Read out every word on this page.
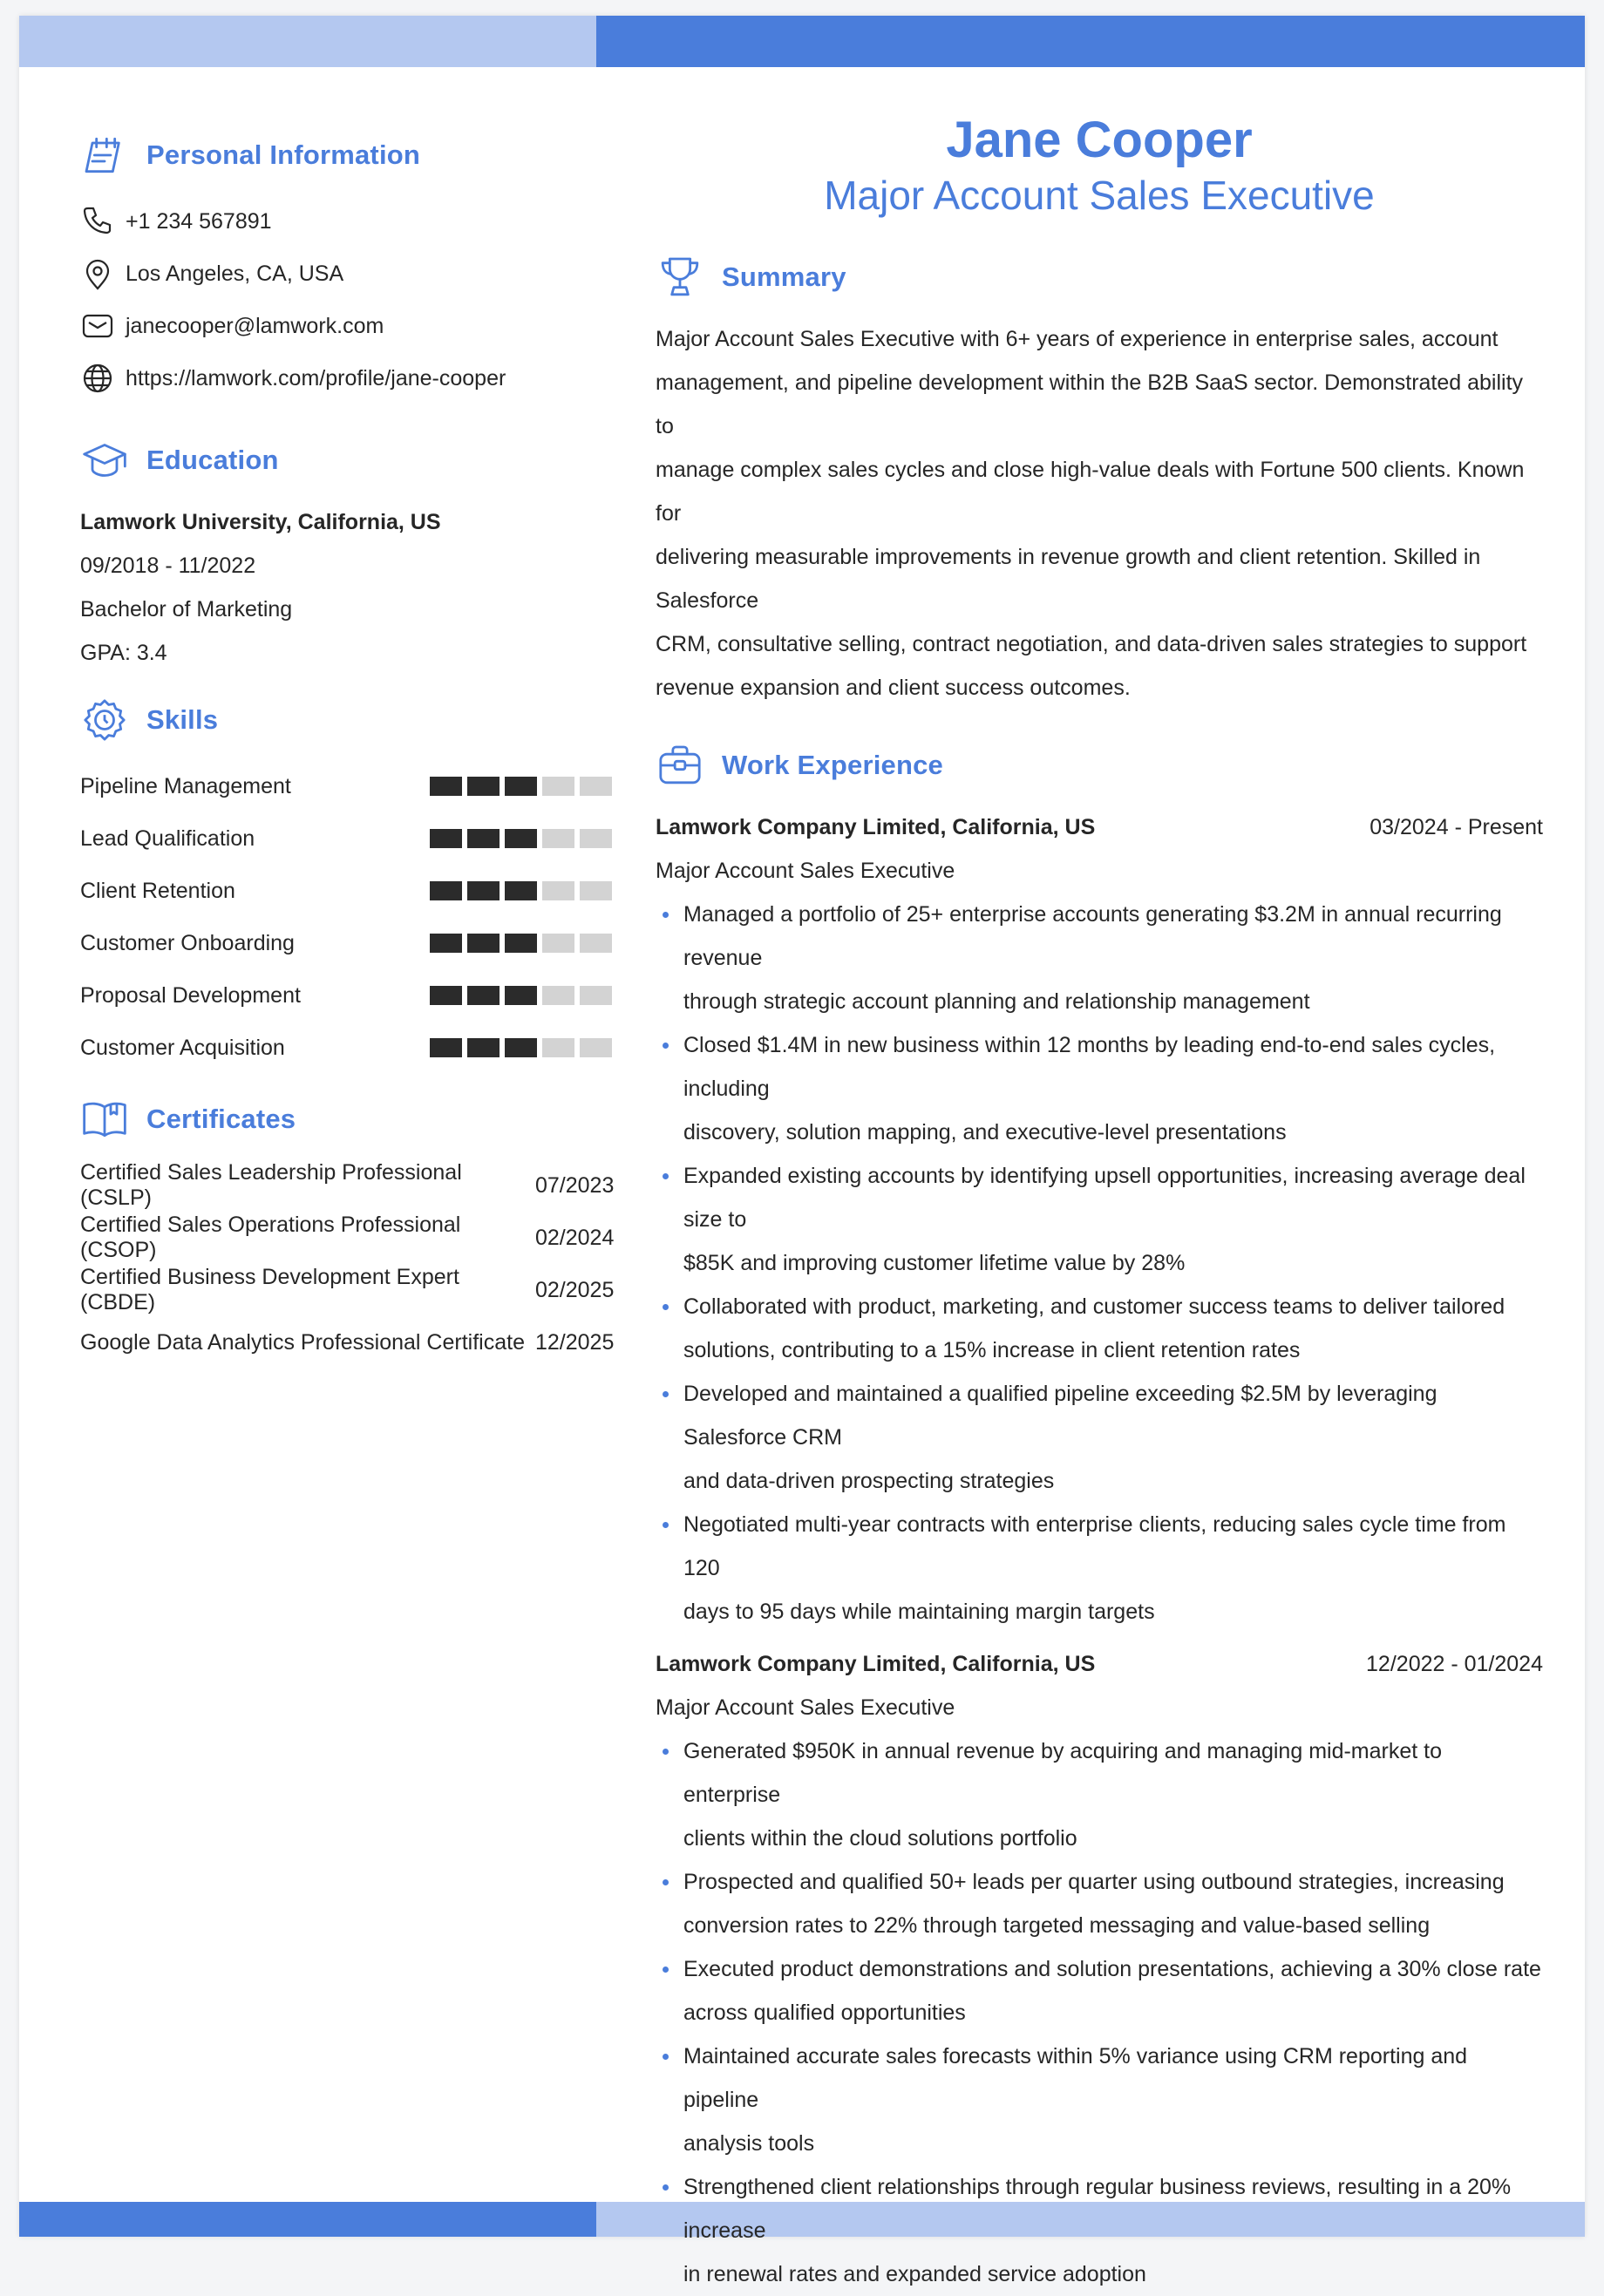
Personal Information
+1 234 567891
Los Angeles, CA, USA
janecooper@lamwork.com
https://lamwork.com/profile/jane-cooper
Education
Lamwork University, California, US
09/2018 - 11/2022
Bachelor of Marketing
GPA: 3.4
Skills
Pipeline Management
Lead Qualification
Client Retention
Customer Onboarding
Proposal Development
Customer Acquisition
Certificates
Certified Sales Leadership Professional (CSLP)
07/2023
Certified Sales Operations Professional (CSOP)
02/2024
Certified Business Development Expert (CBDE)
02/2025
Google Data Analytics Professional Certificate 12/2025
Jane Cooper
Major Account Sales Executive
Summary
Major Account Sales Executive with 6+ years of experience in enterprise sales, account
management, and pipeline development within the B2B SaaS sector. Demonstrated ability to
manage complex sales cycles and close high-value deals with Fortune 500 clients. Known for
delivering measurable improvements in revenue growth and client retention. Skilled in Salesforce
CRM, consultative selling, contract negotiation, and data-driven sales strategies to support
revenue expansion and client success outcomes.
Work Experience
Lamwork Company Limited, California, US	03/2024 - Present
Major Account Sales Executive
Managed a portfolio of 25+ enterprise accounts generating $3.2M in annual recurring revenue
through strategic account planning and relationship management
Closed $1.4M in new business within 12 months by leading end-to-end sales cycles, including
discovery, solution mapping, and executive-level presentations
Expanded existing accounts by identifying upsell opportunities, increasing average deal size to
$85K and improving customer lifetime value by 28%
Collaborated with product, marketing, and customer success teams to deliver tailored
solutions, contributing to a 15% increase in client retention rates
Developed and maintained a qualified pipeline exceeding $2.5M by leveraging Salesforce CRM
and data-driven prospecting strategies
Negotiated multi-year contracts with enterprise clients, reducing sales cycle time from 120
days to 95 days while maintaining margin targets
Lamwork Company Limited, California, US	12/2022 - 01/2024
Major Account Sales Executive
Generated $950K in annual revenue by acquiring and managing mid-market to enterprise
clients within the cloud solutions portfolio
Prospected and qualified 50+ leads per quarter using outbound strategies, increasing
conversion rates to 22% through targeted messaging and value-based selling
Executed product demonstrations and solution presentations, achieving a 30% close rate
across qualified opportunities
Maintained accurate sales forecasts within 5% variance using CRM reporting and pipeline
analysis tools
Strengthened client relationships through regular business reviews, resulting in a 20% increase
in renewal rates and expanded service adoption
